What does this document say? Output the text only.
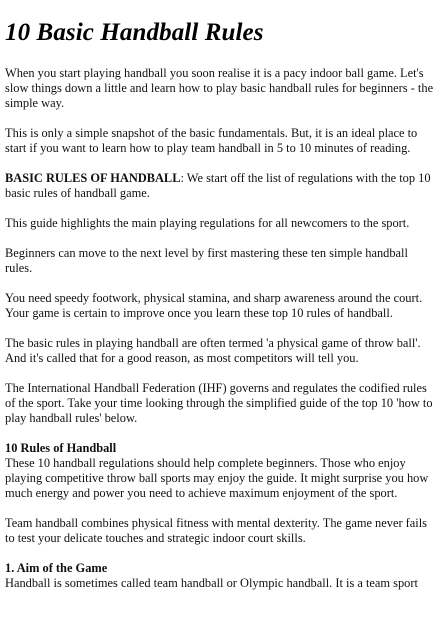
10 Basic Handball Rules

When you start playing handball you soon realise it is a pacy indoor ball game. Let's slow things down a little and learn how to play basic handball rules for beginners - the simple way.

This is only a simple snapshot of the basic fundamentals. But, it is an ideal place to start if you want to learn how to play team handball in 5 to 10 minutes of reading.

BASIC RULES OF HANDBALL: We start off the list of regulations with the top 10 basic rules of handball game.

This guide highlights the main playing regulations for all newcomers to the sport.

Beginners can move to the next level by first mastering these ten simple handball rules.

You need speedy footwork, physical stamina, and sharp awareness around the court. Your game is certain to improve once you learn these top 10 rules of handball.

The basic rules in playing handball are often termed 'a physical game of throw ball'. And it's called that for a good reason, as most competitors will tell you.

The International Handball Federation (IHF) governs and regulates the codified rules of the sport. Take your time looking through the simplified guide of the top 10 'how to play handball rules' below.

10 Rules of Handball
These 10 handball regulations should help complete beginners. Those who enjoy playing competitive throw ball sports may enjoy the guide. It might surprise you how much energy and power you need to achieve maximum enjoyment of the sport.

Team handball combines physical fitness with mental dexterity. The game never fails to test your delicate touches and strategic indoor court skills.

1. Aim of the Game
Handball is sometimes called team handball or Olympic handball. It is a team sport
